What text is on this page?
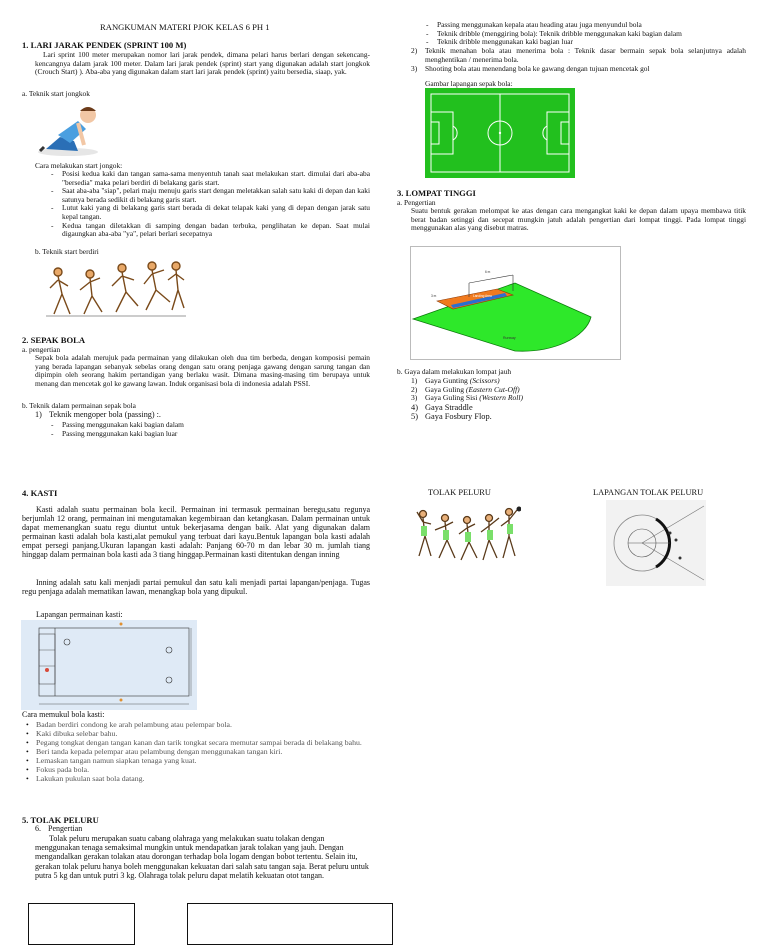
RANGKUMAN MATERI PJOK KELAS 6 PH 1
1. LARI JARAK PENDEK (SPRINT 100 M)
Lari sprint 100 meter merupakan nomor lari jarak pendek, dimana pelari harus berlari dengan sekencang-kencangnya dalam jarak 100 meter. Dalam lari jarak pendek (sprint) start yang digunakan adalah start jongkok (Crouch Start) ). Aba-aba yang digunakan dalam start lari jarak pendek (sprint) yaitu bersedia, siaap, yak.
a. Teknik start jongkok
Cara melakukan start jongok:
- Posisi kedua kaki dan tangan sama-sama menyentuh tanah saat melakukan start. dimulai dari aba-aba "bersedia" maka pelari berdiri di belakang garis start.
- Saat aba-aba "siap", pelari maju menuju garis start dengan meletakkan salah satu kaki di depan dan kaki satunya berada sedikit di belakang garis start.
- Lutut kaki yang di belakang garis start berada di dekat telapak kaki yang di depan dengan jarak satu kepal tangan.
- Kedua tangan diletakkan di samping dengan badan terbuka, penglihatan ke depan. Saat mulai digaungkan aba-aba "ya", pelari berlari secepatnya
b. Teknik start berdiri
2. SEPAK BOLA
a. pengertian
Sepak bola adalah merujuk pada permainan yang dilakukan oleh dua tim berbeda, dengan komposisi pemain yang berada lapangan sebanyak sebelas orang dengan satu orang penjaga gawang dengan sarung tangan dan dipimpin oleh seorang hakim pertandigan yang berlaku wasit. Dimana masing-masing tim berupaya untuk menang dan mencetak gol ke gawang lawan. Induk organisasi bola di indonesia adalah PSSI.
b. Teknik dalam permainan sepak bola
1) Teknik mengoper bola (passing) :.
- Passing menggunakan kaki bagian dalam
- Passing menggunakan kaki bagian luar
- Passing menggunakan kepala atau heading atau juga menyundul bola
- Teknik dribble (menggiring bola): Teknik dribble menggunakan kaki bagian dalam
- Teknik dribble menggunakan kaki bagian luar
2) Teknik menahan bola atau menerima bola : Teknik dasar bermain sepak bola selanjutnya adalah menghentikan / menerima bola.
3) Shooting bola atau menendang bola ke gawang dengan tujuan mencetak gol
Gambar lapangan sepak bola:
3. LOMPAT TINGGI
a. Pengertian
Suatu bentuk gerakan melompat ke atas dengan cara mengangkat kaki ke depan dalam upaya membawa titik berat badan setinggi dan secepat mungkin jatuh adalah pengertian dari lompat tinggi. Pada lompat tinggi menggunakan alas yang disebut matras.
Runway
Landing Area
6 m
3 m
b. Gaya dalam melakukan lompat jauh
1) Gaya Gunting (Scissors)
2) Gaya Guling (Eastern Cut-Off)
3) Gaya Guling Sisi (Western Roll)
4) Gaya Straddle
5) Gaya Fosbury Flop.
4. KASTI
Kasti adalah suatu permainan bola kecil. Permainan ini termasuk permainan beregu,satu regunya berjumlah 12 orang, permainan ini mengutamakan kegembiraan dan ketangkasan. Dalam permainan untuk dapat memenangkan suatu regu diuntut untuk bekerjasama dengan baik. Alat yang digunakan dalam permainan kasti adalah bola kasti,alat pemukul yang terbuat dari kayu.Bentuk lapangan bola kasti adalah empat persegi panjang.Ukuran lapangan kasti adalah: Panjang 60-70 m dan lebar 30 m. jumlah tiang hinggap dalam permainan bola kasti ada 3 tiang hinggap.Permainan kasti ditentukan dengan inning
Inning adalah satu kali menjadi partai pemukul dan satu kali menjadi partai lapangan/penjaga. Tugas regu penjaga adalah mematikan lawan, menangkap bola yang dipukul.
Lapangan permainan kasti:
Cara memukul bola kasti:
• Badan berdiri condong ke arah pelambung atau pelempar bola.
• Kaki dibuka selebar bahu.
• Pegang tongkat dengan tangan kanan dan tarik tongkat secara memutar sampai berada di belakang bahu.
• Beri tanda kepada pelempar atau pelambung dengan menggunakan tangan kiri.
• Lemaskan tangan namun siapkan tenaga yang kuat.
• Fokus pada bola.
• Lakukan pukulan saat bola datang.
5. TOLAK PELURU
6. Pengertian
Tolak peluru merupakan suatu cabang olahraga yang melakukan suatu tolakan dengan menggunakan tenaga semaksimal mungkin untuk mendapatkan jarak tolakan yang jauh. Dengan mengandalkan gerakan tolakan atau dorongan terhadap bola logam dengan bobot tertentu. Selain itu, gerakan tolak peluru hanya boleh menggunakan kekuatan dari salah satu tangan saja. Berat peluru untuk putra 5 kg dan untuk putri 3 kg. Olahraga tolak peluru dapat melatih kekuatan otot tangan.
TOLAK PELURU	LAPANGAN TOLAK PELURU
